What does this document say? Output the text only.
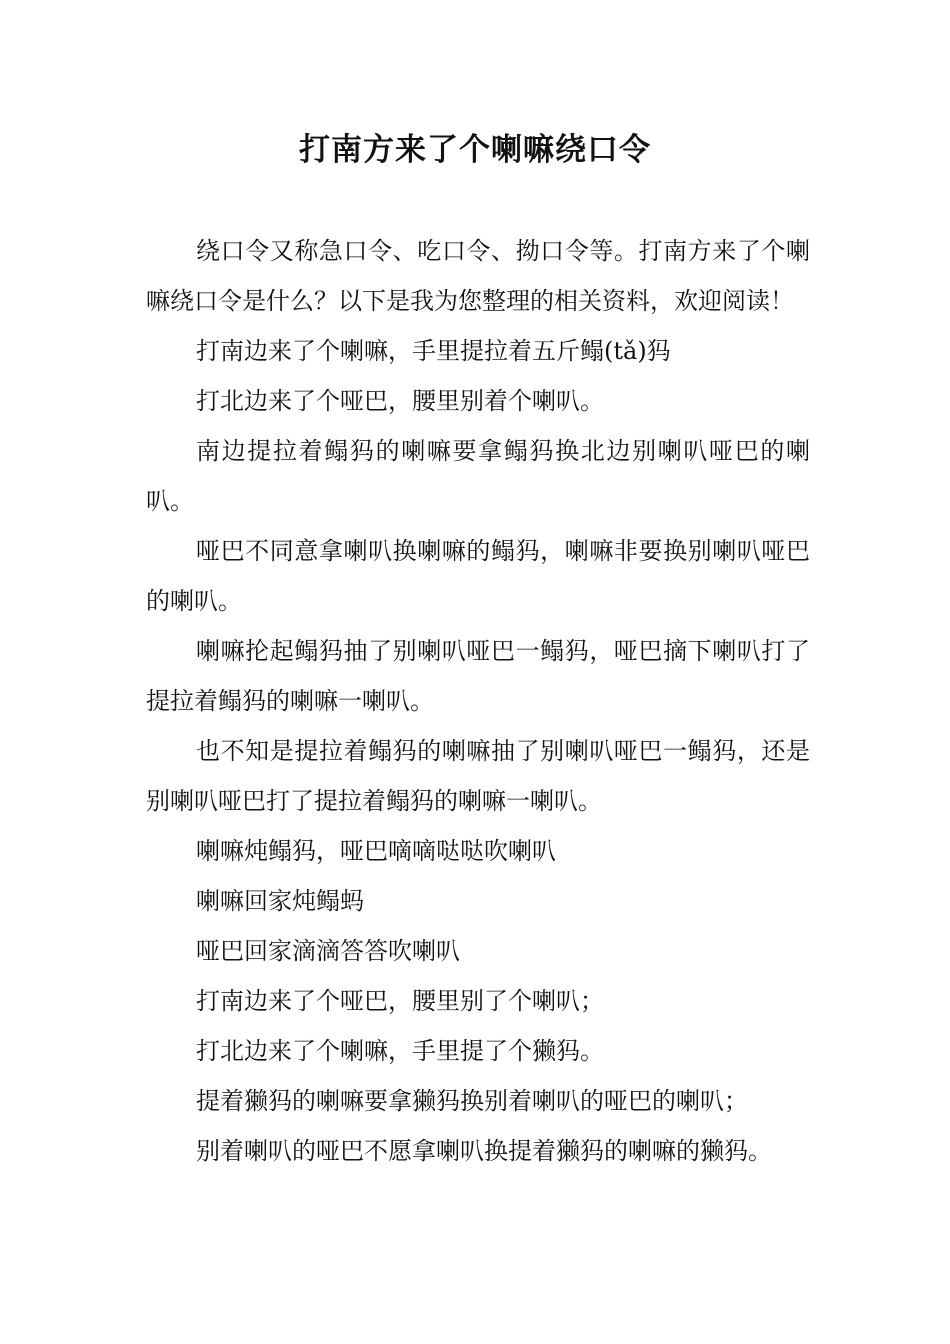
打南方来了个喇嘛绕口令

绕口令又称急口令、吃口令、拗口令等。打南方来了个喇嘛绕口令是什么？以下是我为您整理的相关资料，欢迎阅读！

打南边来了个喇嘛，手里提拉着五斤鳎(tǎ)犸

打北边来了个哑巴，腰里别着个喇叭。

南边提拉着鳎犸的喇嘛要拿鳎犸换北边别喇叭哑巴的喇叭。

哑巴不同意拿喇叭换喇嘛的鳎犸，喇嘛非要换别喇叭哑巴的喇叭。

喇嘛抡起鳎犸抽了别喇叭哑巴一鳎犸，哑巴摘下喇叭打了提拉着鳎犸的喇嘛一喇叭。

也不知是提拉着鳎犸的喇嘛抽了别喇叭哑巴一鳎犸，还是别喇叭哑巴打了提拉着鳎犸的喇嘛一喇叭。

喇嘛炖鳎犸，哑巴嘀嘀哒哒吹喇叭

喇嘛回家炖鳎蚂

哑巴回家滴滴答答吹喇叭

打南边来了个哑巴，腰里别了个喇叭；

打北边来了个喇嘛，手里提了个獭犸。

提着獭犸的喇嘛要拿獭犸换别着喇叭的哑巴的喇叭；

别着喇叭的哑巴不愿拿喇叭换提着獭犸的喇嘛的獭犸。
